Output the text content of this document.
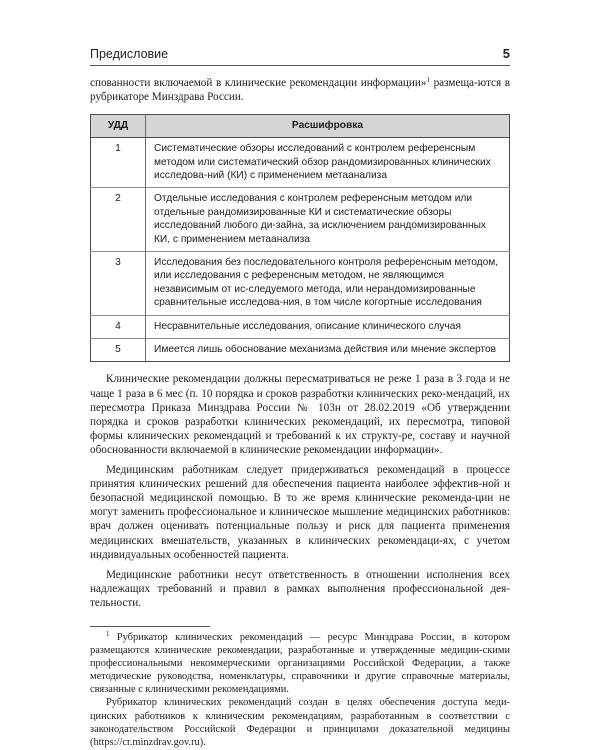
Предисловие	5

спованности включаемой в клинические рекомендации информации»$^1$ размеща-ются в рубрикаторе Минздрава России.

УДД	Расшифровка
1	Систематические обзоры исследований с контролем референсным методом или систематический обзор рандомизированных клинических исследова-ний (КИ) с применением метаанализа
2	Отдельные исследования с контролем референсным методом или отдельные рандомизированные КИ и систематические обзоры исследований любого ди-зайна, за исключением рандомизированных КИ, с применением метаанализа
3	Исследования без последовательного контроля референсным методом, или исследования с референсным методом, не являющимся независимым от ис-следуемого метода, или нерандомизированные сравнительные исследова-ния, в том числе когортные исследования
4	Несравнительные исследования, описание клинического случая
5	Имеется лишь обоснование механизма действия или мнение экспертов

Клинические рекомендации должны пересматриваться не реже 1 раза в 3 года и не чаще 1 раза в 6 мес (п. 10 порядка и сроков разработки клинических реко-мендаций, их пересмотра Приказа Минздрава России № 103н от 28.02.2019 «Об утверждении порядка и сроков разработки клинических рекомендаций, их пересмотра, типовой формы клинических рекомендаций и требований к их структу-ре, составу и научной обоснованности включаемой в клинические рекомендации информации».

Медицинским работникам следует придерживаться рекомендаций в процессе принятия клинических решений для обеспечения пациента наиболее эффектив-ной и безопасной медицинской помощью. В то же время клинические рекоменда-ции не могут заменить профессиональное и клиническое мышление медицинских работников: врач должен оценивать потенциальные пользу и риск для пациента применения медицинских вмешательств, указанных в клинических рекомендаци-ях, с учетом индивидуальных особенностей пациента.

Медицинские работники несут ответственность в отношении исполнения всех надлежащих требований и правил в рамках выполнения профессиональной дея-тельности.

$^1$ Рубрикатор клинических рекомендаций — ресурс Минздрава России, в котором размещаются клинические рекомендации, разработанные и утвержденные медицин-скими профессиональными некоммерческими организациями Российской Федерации, а также методические руководства, номенклатуры, справочники и другие справочные материалы, связанные с клиническими рекомендациями.

Рубрикатор клинических рекомендаций создан в целях обеспечения доступа меди-цинских работников к клиническим рекомендациям, разработанным в соответствии с законодательством Российской Федерации и принципами доказательной медицины (https://cr.minzdrav.gov.ru).
